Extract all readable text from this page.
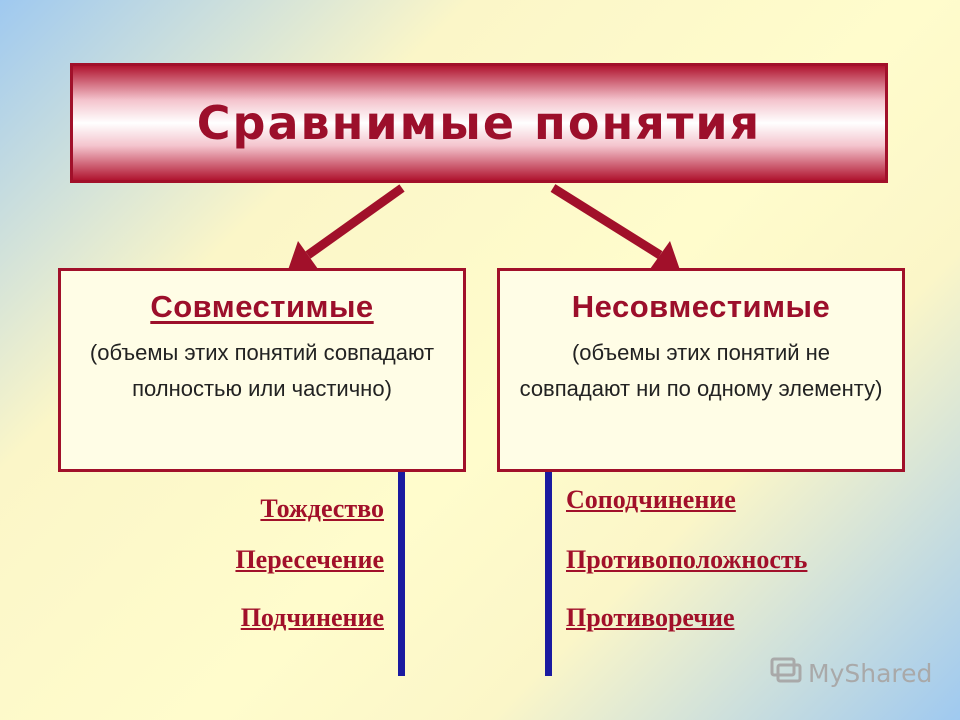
Сравнимые понятия
Совместимые
(объемы этих понятий совпадают полностью или частично)
Несовместимые
(объемы этих понятий не совпадают ни по одному элементу)
Тождество
Пересечение
Подчинение
Соподчинение
Противоположность
Противоречие
MyShared
